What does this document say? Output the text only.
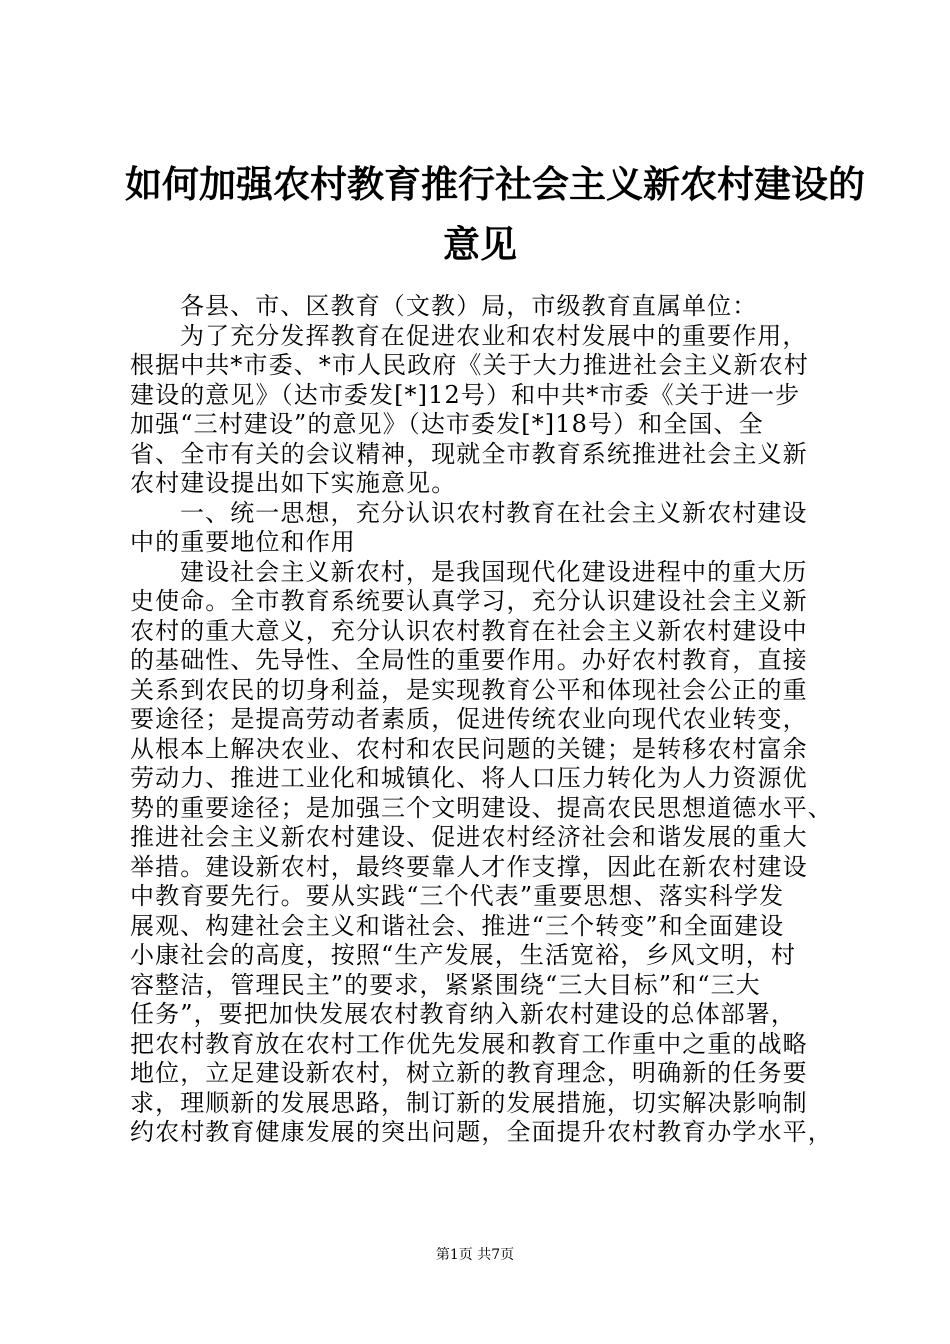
如何加强农村教育推行社会主义新农村建设的
意见
各县、市、区教育（文教）局，市级教育直属单位：
为了充分发挥教育在促进农业和农村发展中的重要作用，
根据中共*市委、*市人民政府《关于大力推进社会主义新农村
建设的意见》（达市委发[*]12号）和中共*市委《关于进一步
加强“三村建设”的意见》（达市委发[*]18号）和全国、全
省、全市有关的会议精神，现就全市教育系统推进社会主义新
农村建设提出如下实施意见。
一、统一思想，充分认识农村教育在社会主义新农村建设
中的重要地位和作用
建设社会主义新农村，是我国现代化建设进程中的重大历
史使命。全市教育系统要认真学习，充分认识建设社会主义新
农村的重大意义，充分认识农村教育在社会主义新农村建设中
的基础性、先导性、全局性的重要作用。办好农村教育，直接
关系到农民的切身利益，是实现教育公平和体现社会公正的重
要途径；是提高劳动者素质，促进传统农业向现代农业转变，
从根本上解决农业、农村和农民问题的关键；是转移农村富余
劳动力、推进工业化和城镇化、将人口压力转化为人力资源优
势的重要途径；是加强三个文明建设、提高农民思想道德水平、
推进社会主义新农村建设、促进农村经济社会和谐发展的重大
举措。建设新农村，最终要靠人才作支撑，因此在新农村建设
中教育要先行。要从实践“三个代表”重要思想、落实科学发
展观、构建社会主义和谐社会、推进“三个转变”和全面建设
小康社会的高度，按照“生产发展，生活宽裕，乡风文明，村
容整洁，管理民主”的要求，紧紧围绕“三大目标”和“三大
任务”，要把加快发展农村教育纳入新农村建设的总体部署，
把农村教育放在农村工作优先发展和教育工作重中之重的战略
地位，立足建设新农村，树立新的教育理念，明确新的任务要
求，理顺新的发展思路，制订新的发展措施，切实解决影响制
约农村教育健康发展的突出问题，全面提升农村教育办学水平，
第1页 共7页
